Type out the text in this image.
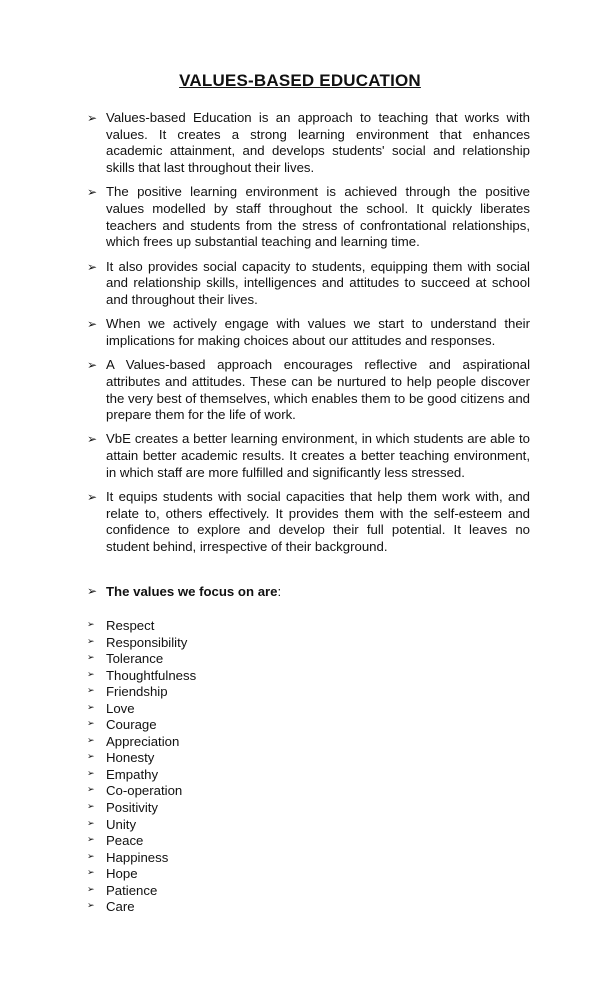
VALUES-BASED EDUCATION
➢ Values-based Education is an approach to teaching that works with values. It creates a strong learning environment that enhances academic attainment, and develops students' social and relationship skills that last throughout their lives.
➢ The positive learning environment is achieved through the positive values modelled by staff throughout the school. It quickly liberates teachers and students from the stress of confrontational relationships, which frees up substantial teaching and learning time.
➢ It also provides social capacity to students, equipping them with social and relationship skills, intelligences and attitudes to succeed at school and throughout their lives.
➢ When we actively engage with values we start to understand their implications for making choices about our attitudes and responses.
➢ A Values-based approach encourages reflective and aspirational attributes and attitudes. These can be nurtured to help people discover the very best of themselves, which enables them to be good citizens and prepare them for the life of work.
➢ VbE creates a better learning environment, in which students are able to attain better academic results. It creates a better teaching environment, in which staff are more fulfilled and significantly less stressed.
➢ It equips students with social capacities that help them work with, and relate to, others effectively. It provides them with the self-esteem and confidence to explore and develop their full potential. It leaves no student behind, irrespective of their background.
➢ The values we focus on are:
➢ Respect
➢ Responsibility
➢ Tolerance
➢ Thoughtfulness
➢ Friendship
➢ Love
➢ Courage
➢ Appreciation
➢ Honesty
➢ Empathy
➢ Co-operation
➢ Positivity
➢ Unity
➢ Peace
➢ Happiness
➢ Hope
➢ Patience
➢ Care
